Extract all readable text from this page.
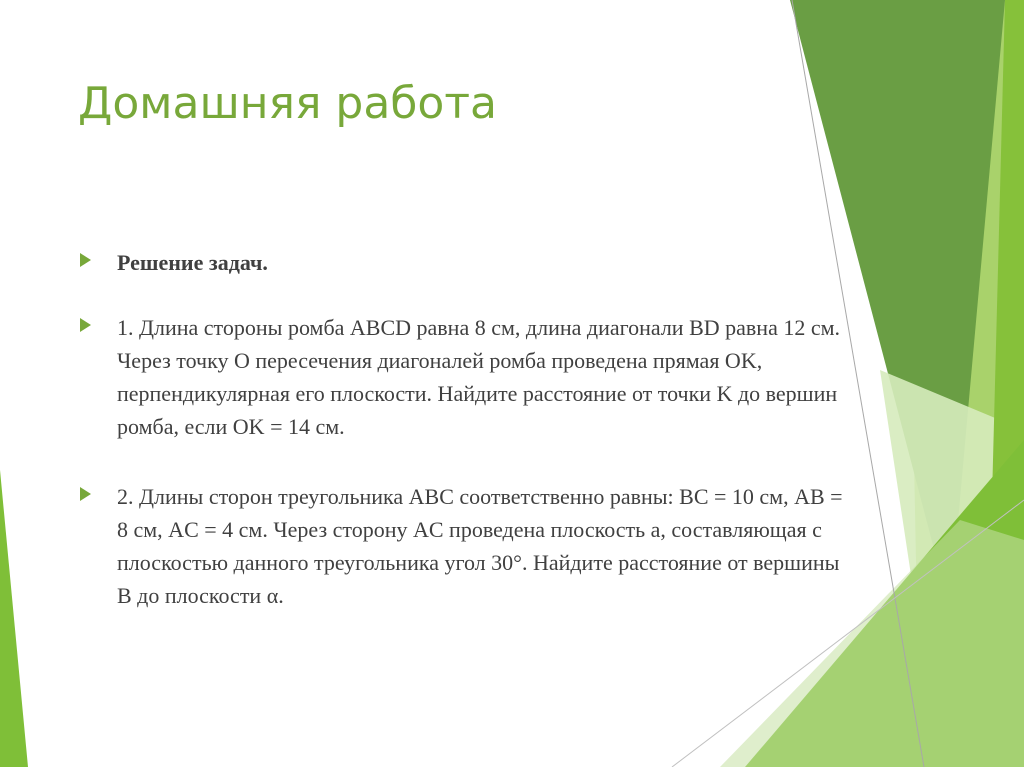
Домашняя работа
Решение задач.
1. Длина стороны ромба ABCD равна 8 см, длина диагонали BD равна 12 см. Через точку O пересечения диагоналей ромба проведена прямая OK, перпендикулярная его плоскости. Найдите расстояние от точки K до вершин ромба, если OK = 14 см.
2. Длины сторон треугольника ABC соответственно равны: BC = 10 см, AB = 8 см, AC = 4 см. Через сторону AC проведена плоскость a, составляющая с плоскостью данного треугольника угол 30°. Найдите расстояние от вершины B до плоскости α.
